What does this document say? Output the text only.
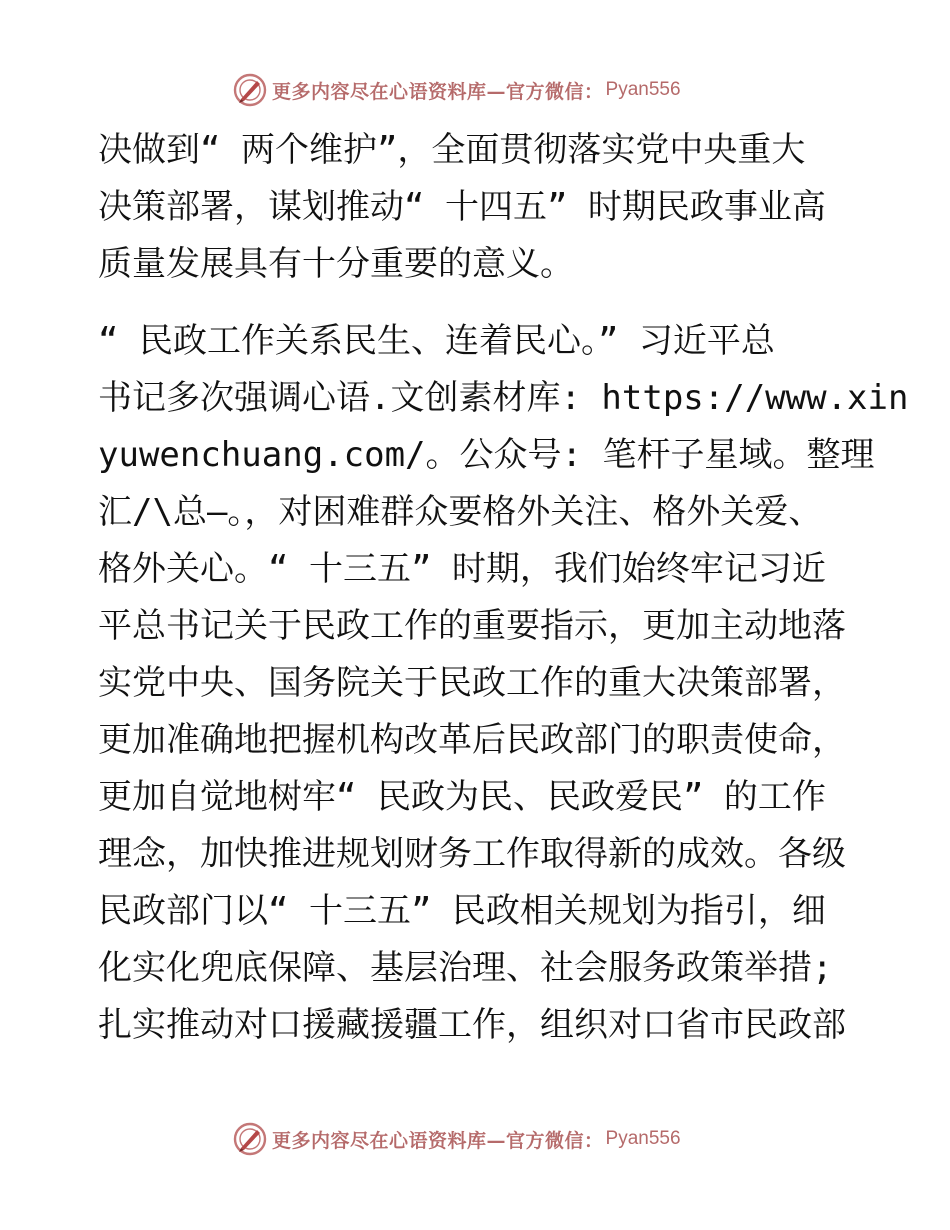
更多内容尽在心语资料库—官方微信： Pyan556
决做到“ 两个维护”，全面贯彻落实党中央重大
决策部署，谋划推动“ 十四五” 时期民政事业高
质量发展具有十分重要的意义。
“ 民政工作关系民生、连着民心。” 习近平总
书记多次强调心语.文创素材库: https://www.xin
yuwenchuang.com/。公众号: 笔杆子星域。整理
汇/\总—。，对困难群众要格外关注、格外关爱、
格外关心。“ 十三五” 时期，我们始终牢记习近
平总书记关于民政工作的重要指示，更加主动地落
实党中央、国务院关于民政工作的重大决策部署，
更加准确地把握机构改革后民政部门的职责使命，
更加自觉地树牢“ 民政为民、民政爱民” 的工作
理念，加快推进规划财务工作取得新的成效。各级
民政部门以“ 十三五” 民政相关规划为指引，细
化实化兜底保障、基层治理、社会服务政策举措;
扎实推动对口援藏援疆工作，组织对口省市民政部
更多内容尽在心语资料库—官方微信： Pyan556
